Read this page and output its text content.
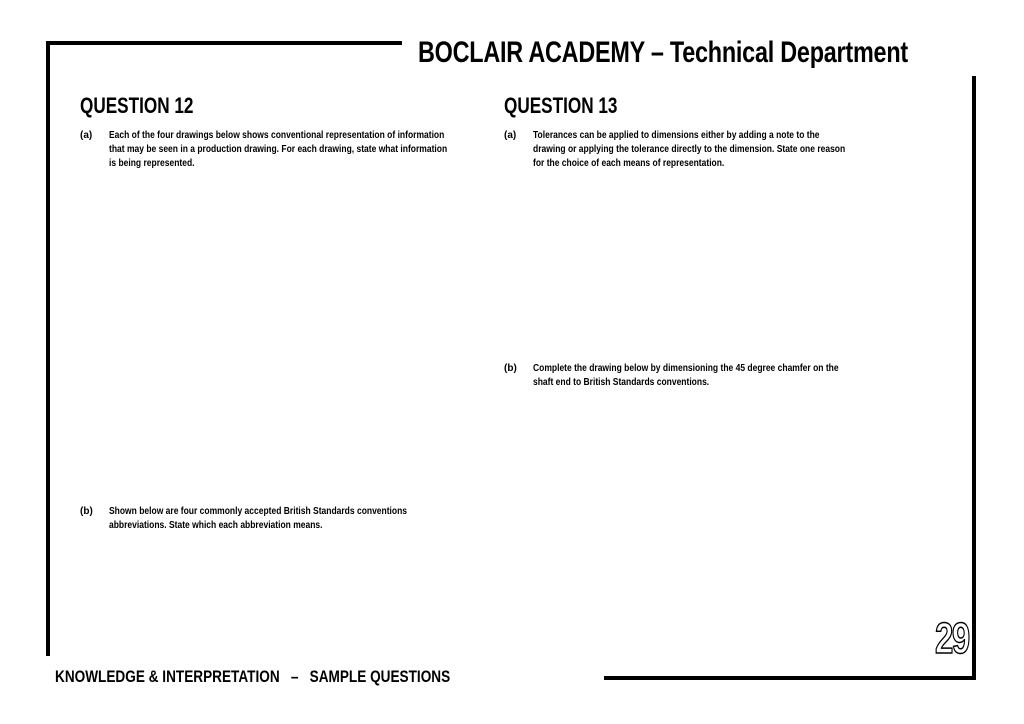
BOCLAIR ACADEMY – Technical Department
QUESTION 12	QUESTION 13
(a) Each of the four drawings below shows conventional representation of information
that may be seen in a production drawing. For each drawing, state what information
is being represented.
(b) Shown below are four commonly accepted British Standards conventions
abbreviations. State which each abbreviation means.
(a) Tolerances can be applied to dimensions either by adding a note to the
drawing or applying the tolerance directly to the dimension. State one reason
for the choice of each means of representation.
(b) Complete the drawing below by dimensioning the 45 degree chamfer on the
shaft end to British Standards conventions.
KNOWLEDGE & INTERPRETATION – SAMPLE QUESTIONS
29
